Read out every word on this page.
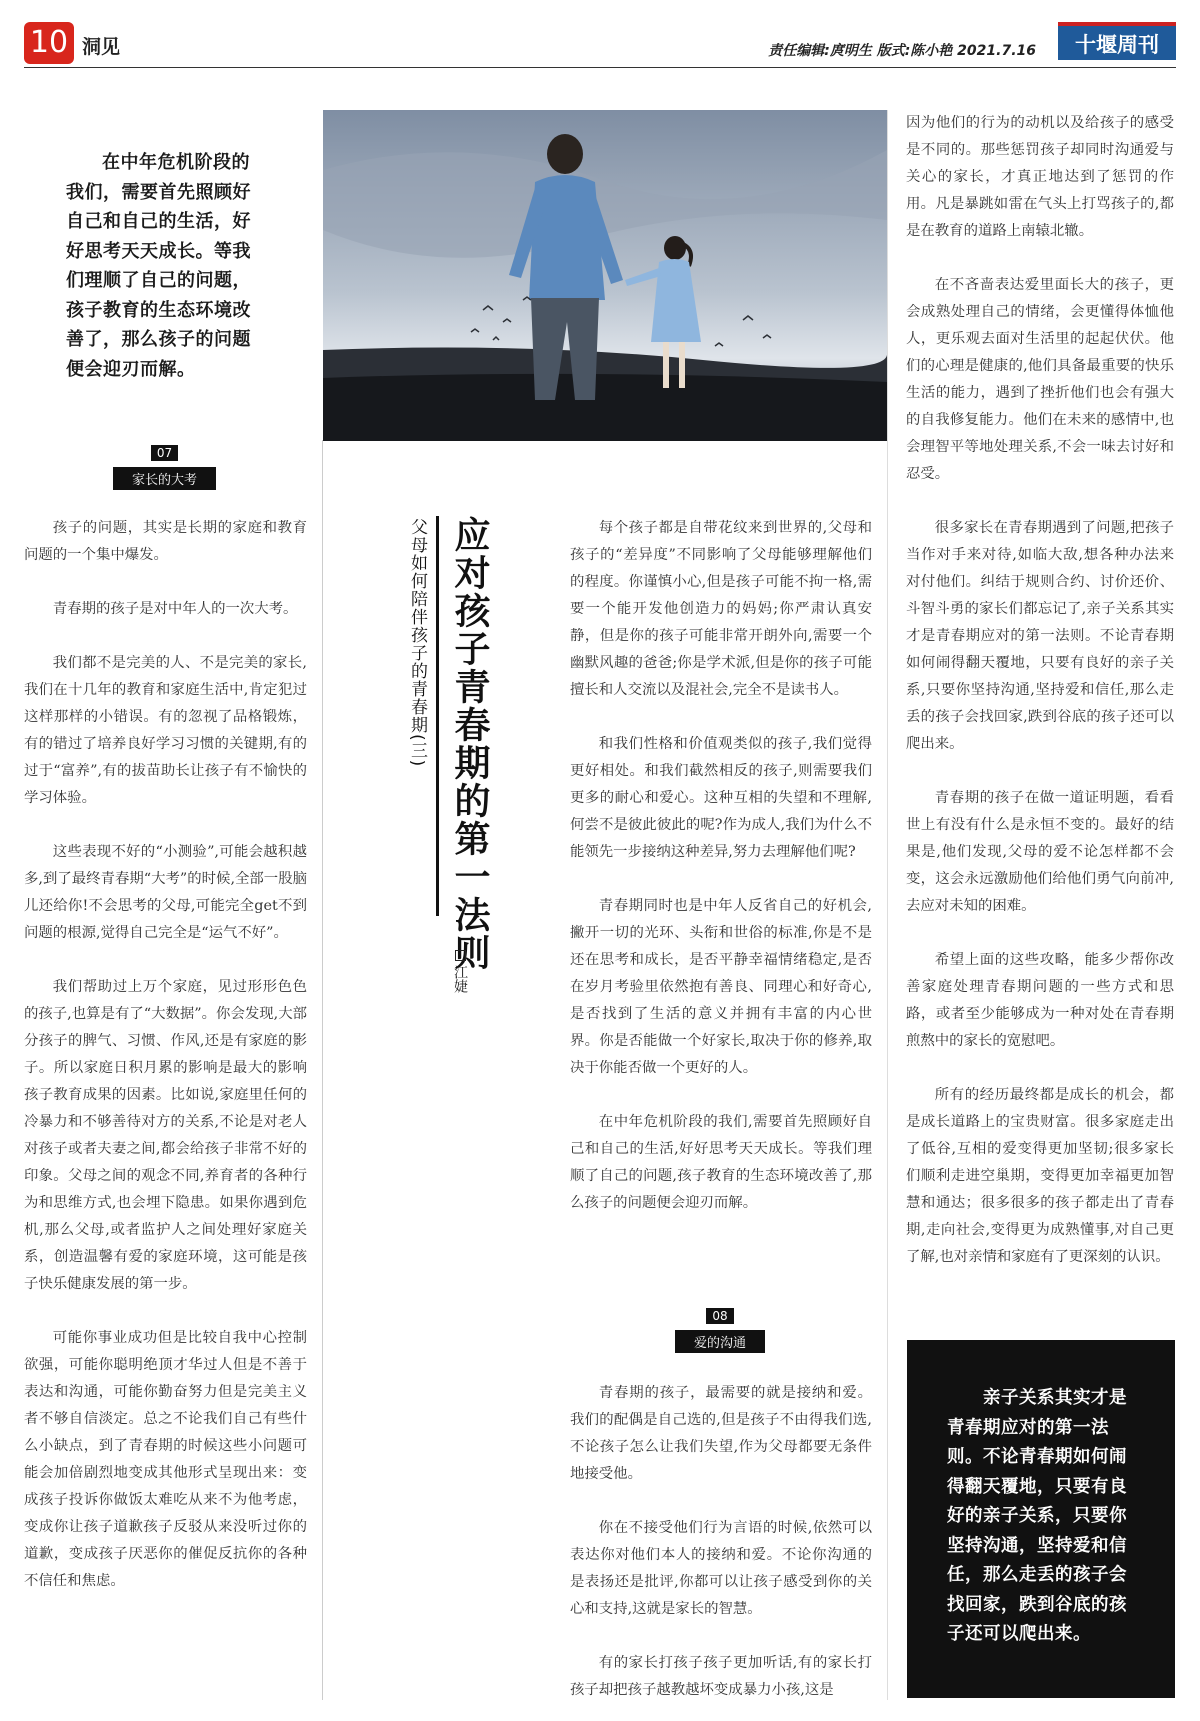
10 洞见	责任编辑:庹明生 版式:陈小艳 2021.7.16	十堰周刊

在中年危机阶段的我们，需要首先照顾好自己和自己的生活，好好思考天天成长。等我们理顺了自己的问题，孩子教育的生态环境改善了，那么孩子的问题便会迎刃而解。

07
家长的大考

孩子的问题，其实是长期的家庭和教育问题的一个集中爆发。

青春期的孩子是对中年人的一次大考。

我们都不是完美的人、不是完美的家长,我们在十几年的教育和家庭生活中,肯定犯过这样那样的小错误。有的忽视了品格锻炼，有的错过了培养良好学习习惯的关键期,有的过于“富养”,有的拔苗助长让孩子有不愉快的学习体验。

这些表现不好的“小测验”,可能会越积越多,到了最终青春期“大考”的时候,全部一股脑儿还给你!不会思考的父母,可能完全get不到问题的根源,觉得自己完全是“运气不好”。

我们帮助过上万个家庭，见过形形色色的孩子,也算是有了“大数据”。你会发现,大部分孩子的脾气、习惯、作风,还是有家庭的影子。所以家庭日积月累的影响是最大的影响孩子教育成果的因素。比如说,家庭里任何的冷暴力和不够善待对方的关系,不论是对老人对孩子或者夫妻之间,都会给孩子非常不好的印象。父母之间的观念不同,养育者的各种行为和思维方式,也会埋下隐患。如果你遇到危机,那么父母,或者监护人之间处理好家庭关系，创造温馨有爱的家庭环境，这可能是孩子快乐健康发展的第一步。

可能你事业成功但是比较自我中心控制欲强，可能你聪明绝顶才华过人但是不善于表达和沟通，可能你勤奋努力但是完美主义者不够自信淡定。总之不论我们自己有些什么小缺点，到了青春期的时候这些小问题可能会加倍剧烈地变成其他形式呈现出来：变成孩子投诉你做饭太难吃从来不为他考虑，变成你让孩子道歉孩子反驳从来没听过你的道歉，变成孩子厌恶你的催促反抗你的各种不信任和焦虑。

应对孩子青春期的第一法则
父母如何陪伴孩子的青春期(三)
江婕

每个孩子都是自带花纹来到世界的,父母和孩子的“差异度”不同影响了父母能够理解他们的程度。你谨慎小心,但是孩子可能不拘一格,需要一个能开发他创造力的妈妈;你严肃认真安静，但是你的孩子可能非常开朗外向,需要一个幽默风趣的爸爸;你是学术派,但是你的孩子可能擅长和人交流以及混社会,完全不是读书人。

和我们性格和价值观类似的孩子,我们觉得更好相处。和我们截然相反的孩子,则需要我们更多的耐心和爱心。这种互相的失望和不理解,何尝不是彼此彼此的呢?作为成人,我们为什么不能领先一步接纳这种差异,努力去理解他们呢?

青春期同时也是中年人反省自己的好机会,撇开一切的光环、头衔和世俗的标准,你是不是还在思考和成长，是否平静幸福情绪稳定,是否在岁月考验里依然抱有善良、同理心和好奇心,是否找到了生活的意义并拥有丰富的内心世界。你是否能做一个好家长,取决于你的修养,取决于你能否做一个更好的人。

在中年危机阶段的我们,需要首先照顾好自己和自己的生活,好好思考天天成长。等我们理顺了自己的问题,孩子教育的生态环境改善了,那么孩子的问题便会迎刃而解。

08
爱的沟通

青春期的孩子，最需要的就是接纳和爱。我们的配偶是自己选的,但是孩子不由得我们选,不论孩子怎么让我们失望,作为父母都要无条件地接受他。

你在不接受他们行为言语的时候,依然可以表达你对他们本人的接纳和爱。不论你沟通的是表扬还是批评,你都可以让孩子感受到你的关心和支持,这就是家长的智慧。

有的家长打孩子孩子更加听话,有的家长打孩子却把孩子越教越坏变成暴力小孩,这是

因为他们的行为的动机以及给孩子的感受是不同的。那些惩罚孩子却同时沟通爱与关心的家长，才真正地达到了惩罚的作用。凡是暴跳如雷在气头上打骂孩子的,都是在教育的道路上南辕北辙。

在不吝啬表达爱里面长大的孩子，更会成熟处理自己的情绪，会更懂得体恤他人，更乐观去面对生活里的起起伏伏。他们的心理是健康的,他们具备最重要的快乐生活的能力，遇到了挫折他们也会有强大的自我修复能力。他们在未来的感情中,也会理智平等地处理关系,不会一味去讨好和忍受。

很多家长在青春期遇到了问题,把孩子当作对手来对待,如临大敌,想各种办法来对付他们。纠结于规则合约、讨价还价、斗智斗勇的家长们都忘记了,亲子关系其实才是青春期应对的第一法则。不论青春期如何闹得翻天覆地，只要有良好的亲子关系,只要你坚持沟通,坚持爱和信任,那么走丢的孩子会找回家,跌到谷底的孩子还可以爬出来。

青春期的孩子在做一道证明题，看看世上有没有什么是永恒不变的。最好的结果是,他们发现,父母的爱不论怎样都不会变，这会永远激励他们给他们勇气向前冲,去应对未知的困难。

希望上面的这些攻略，能多少帮你改善家庭处理青春期问题的一些方式和思路，或者至少能够成为一种对处在青春期煎熬中的家长的宽慰吧。

所有的经历最终都是成长的机会，都是成长道路上的宝贵财富。很多家庭走出了低谷,互相的爱变得更加坚韧;很多家长们顺利走进空巢期，变得更加幸福更加智慧和通达；很多很多的孩子都走出了青春期,走向社会,变得更为成熟懂事,对自己更了解,也对亲情和家庭有了更深刻的认识。

亲子关系其实才是青春期应对的第一法则。不论青春期如何闹得翻天覆地，只要有良好的亲子关系，只要你坚持沟通，坚持爱和信任，那么走丢的孩子会找回家，跌到谷底的孩子还可以爬出来。
